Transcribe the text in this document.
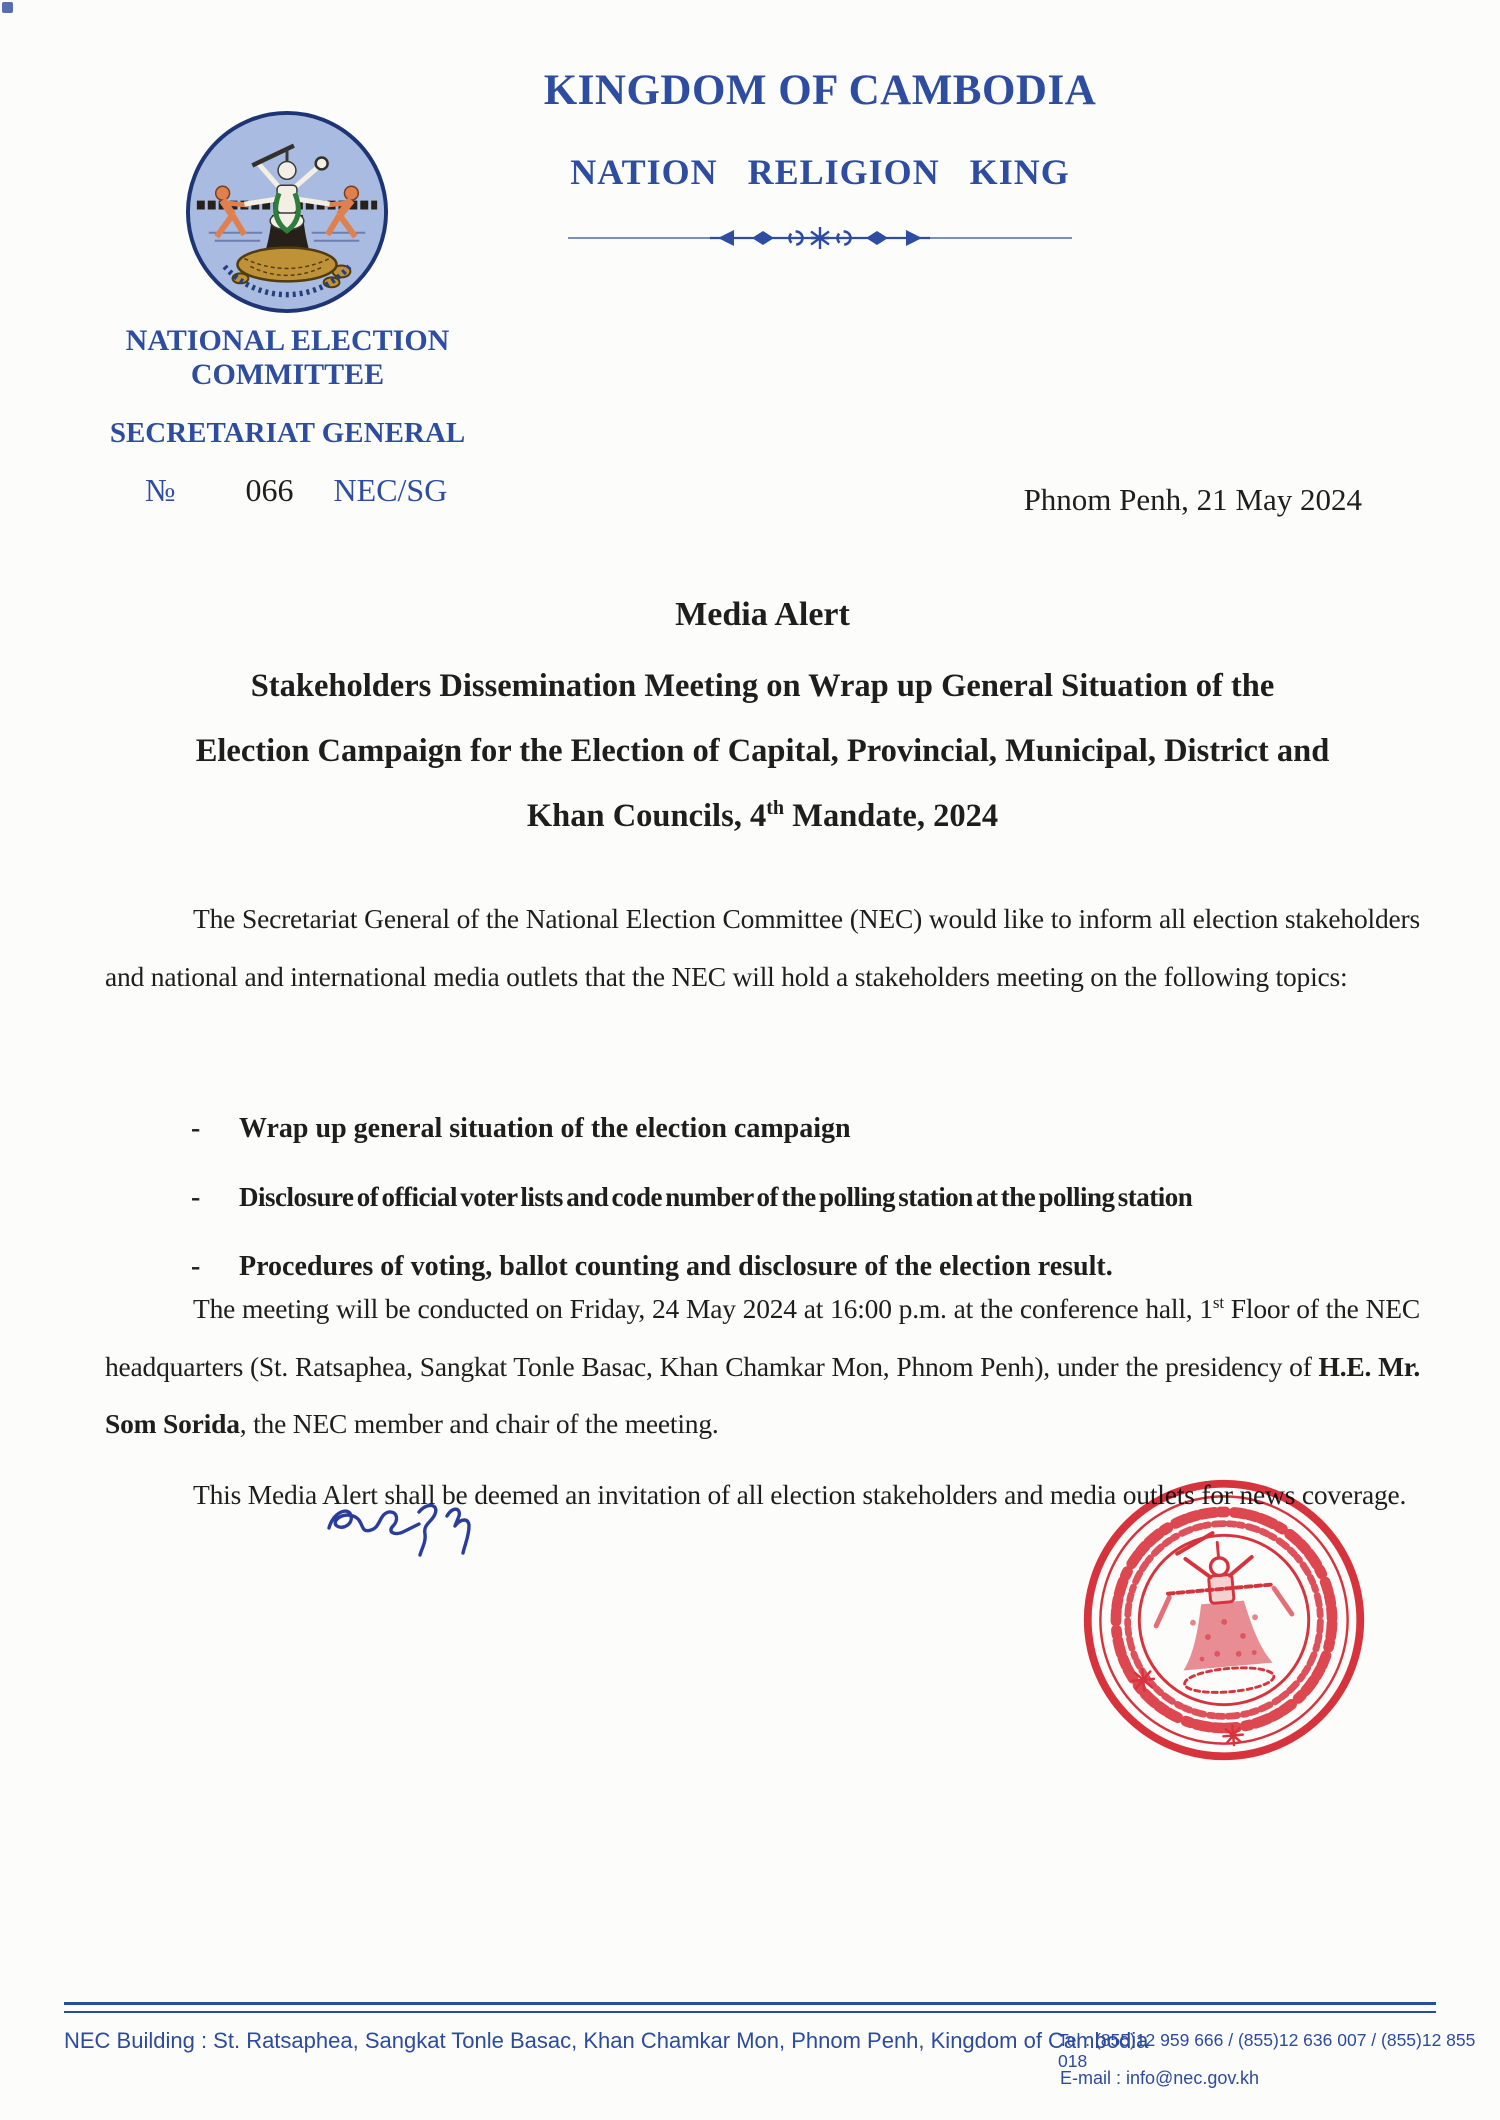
KINGDOM OF CAMBODIA
NATION RELIGION KING
NATIONAL ELECTION COMMITTEE
SECRETARIAT GENERAL
№ 066 NEC/SG	Phnom Penh, 21 May 2024
Media Alert
Stakeholders Dissemination Meeting on Wrap up General Situation of the
Election Campaign for the Election of Capital, Provincial, Municipal, District and
Khan Councils, 4th Mandate, 2024

The Secretariat General of the National Election Committee (NEC) would like to inform all election stakeholders and national and international media outlets that the NEC will hold a stakeholders meeting on the following topics:

-	Wrap up general situation of the election campaign
-	Disclosure of official voter lists and code number of the polling station at the polling station
-	Procedures of voting, ballot counting and disclosure of the election result.

The meeting will be conducted on Friday, 24 May 2024 at 16:00 p.m. at the conference hall, 1st Floor of the NEC headquarters (St. Ratsaphea, Sangkat Tonle Basac, Khan Chamkar Mon, Phnom Penh), under the presidency of H.E. Mr. Som Sorida, the NEC member and chair of the meeting.

This Media Alert shall be deemed an invitation of all election stakeholders and media outlets for news coverage.

NEC Building : St. Ratsaphea, Sangkat Tonle Basac, Khan Chamkar Mon, Phnom Penh, Kingdom of Cambodia
Tel : (855)12 959 666 / (855)12 636 007 / (855)12 855 018
E-mail : info@nec.gov.kh
